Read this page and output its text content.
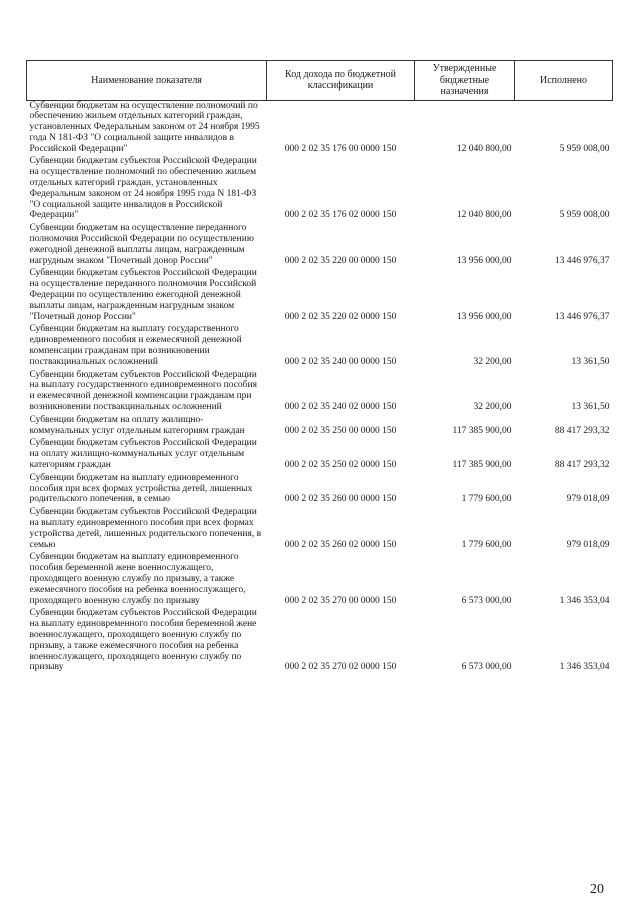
Наименование показателя	Код дохода по бюджетной классификации	Утвержденные бюджетные назначения	Исполнено
Субвенции бюджетам на осуществление полномочий по обеспечению жильем отдельных категорий граждан, установленных Федеральным законом от 24 ноября 1995 года N 181-ФЗ "О социальной защите инвалидов в Российской Федерации"	000 2 02 35 176 00 0000 150	12 040 800,00	5 959 008,00
Субвенции бюджетам субъектов Российской Федерации на осуществление полномочий по обеспечению жильем отдельных категорий граждан, установленных Федеральным законом от 24 ноября 1995 года N 181-ФЗ "О социальной защите инвалидов в Российской Федерации"	000 2 02 35 176 02 0000 150	12 040 800,00	5 959 008,00
Субвенции бюджетам на осуществление переданного полномочия Российской Федерации по осуществлению ежегодной денежной выплаты лицам, награжденным нагрудным знаком "Почетный донор России"	000 2 02 35 220 00 0000 150	13 956 000,00	13 446 976,37
Субвенции бюджетам субъектов Российской Федерации на осуществление переданного полномочия Российской Федерации по осуществлению ежегодной денежной выплаты лицам, награжденным нагрудным знаком "Почетный донор России"	000 2 02 35 220 02 0000 150	13 956 000,00	13 446 976,37
Субвенции бюджетам на выплату государственного единовременного пособия и ежемесячной денежной компенсации гражданам при возникновении поствакцинальных осложнений	000 2 02 35 240 00 0000 150	32 200,00	13 361,50
Субвенции бюджетам субъектов Российской Федерации на выплату государственного единовременного пособия и ежемесячной денежной компенсации гражданам при возникновении поствакцинальных осложнений	000 2 02 35 240 02 0000 150	32 200,00	13 361,50
Субвенции бюджетам на оплату жилищно-коммунальных услуг отдельным категориям граждан	000 2 02 35 250 00 0000 150	117 385 900,00	88 417 293,32
Субвенции бюджетам субъектов Российской Федерации на оплату жилищно-коммунальных услуг отдельным категориям граждан	000 2 02 35 250 02 0000 150	117 385 900,00	88 417 293,32
Субвенции бюджетам на выплату единовременного пособия при всех формах устройства детей, лишенных родительского попечения, в семью	000 2 02 35 260 00 0000 150	1 779 600,00	979 018,09
Субвенции бюджетам субъектов Российской Федерации на выплату единовременного пособия при всех формах устройства детей, лишенных родительского попечения, в семью	000 2 02 35 260 02 0000 150	1 779 600,00	979 018,09
Субвенции бюджетам на выплату единовременного пособия беременной жене военнослужащего, проходящего военную службу по призыву, а также ежемесячного пособия на ребенка военнослужащего, проходящего военную службу по призыву	000 2 02 35 270 00 0000 150	6 573 000,00	1 346 353,04
Субвенции бюджетам субъектов Российской Федерации на выплату единовременного пособия беременной жене военнослужащего, проходящего военную службу по призыву, а также ежемесячного пособия на ребенка военнослужащего, проходящего военную службу по призыву	000 2 02 35 270 02 0000 150	6 573 000,00	1 346 353,04
20
